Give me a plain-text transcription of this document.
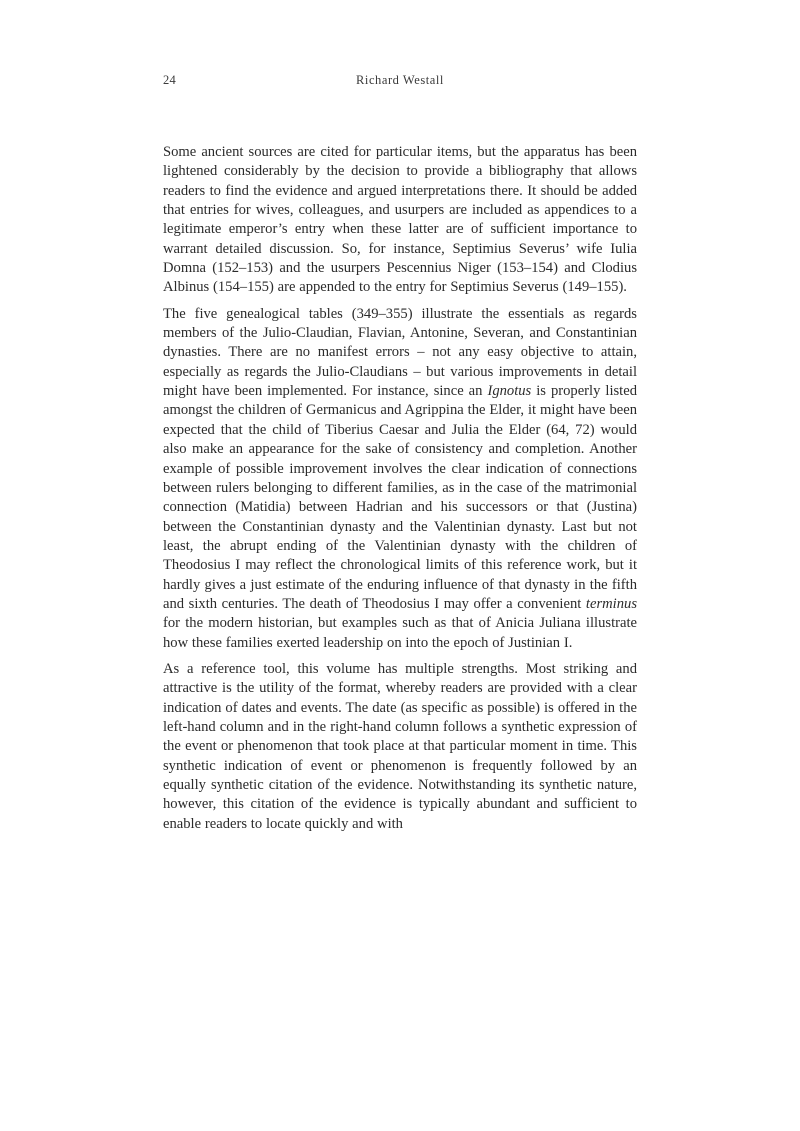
24	Richard Westall

Some ancient sources are cited for particular items, but the apparatus has been lightened considerably by the decision to provide a bibliography that allows readers to find the evidence and argued interpretations there. It should be added that entries for wives, colleagues, and usurpers are included as appendices to a legitimate emperor’s entry when these latter are of sufficient importance to warrant detailed discussion. So, for instance, Septimius Severus’ wife Iulia Domna (152–153) and the usurpers Pescennius Niger (153–154) and Clodius Albinus (154–155) are appended to the entry for Septimius Severus (149–155).

The five genealogical tables (349–355) illustrate the essentials as regards members of the Julio-Claudian, Flavian, Antonine, Severan, and Constantinian dynasties. There are no manifest errors – not any easy objective to attain, especially as regards the Julio-Claudians – but various improvements in detail might have been implemented. For instance, since an Ignotus is properly listed amongst the children of Germanicus and Agrippina the Elder, it might have been expected that the child of Tiberius Caesar and Julia the Elder (64, 72) would also make an appearance for the sake of consistency and completion. Another example of possible improvement involves the clear indication of connections between rulers belonging to different families, as in the case of the matrimonial connection (Matidia) between Hadrian and his successors or that (Justina) between the Constantinian dynasty and the Valentinian dynasty. Last but not least, the abrupt ending of the Valentinian dynasty with the children of Theodosius I may reflect the chronological limits of this reference work, but it hardly gives a just estimate of the enduring influence of that dynasty in the fifth and sixth centuries. The death of Theodosius I may offer a convenient terminus for the modern historian, but examples such as that of Anicia Juliana illustrate how these families exerted leadership on into the epoch of Justinian I.

As a reference tool, this volume has multiple strengths. Most striking and attractive is the utility of the format, whereby readers are provided with a clear indication of dates and events. The date (as specific as possible) is offered in the left-hand column and in the right-hand column follows a synthetic expression of the event or phenomenon that took place at that particular moment in time. This synthetic indication of event or phenomenon is frequently followed by an equally synthetic citation of the evidence. Notwithstanding its synthetic nature, however, this citation of the evidence is typically abundant and sufficient to enable readers to locate quickly and with
